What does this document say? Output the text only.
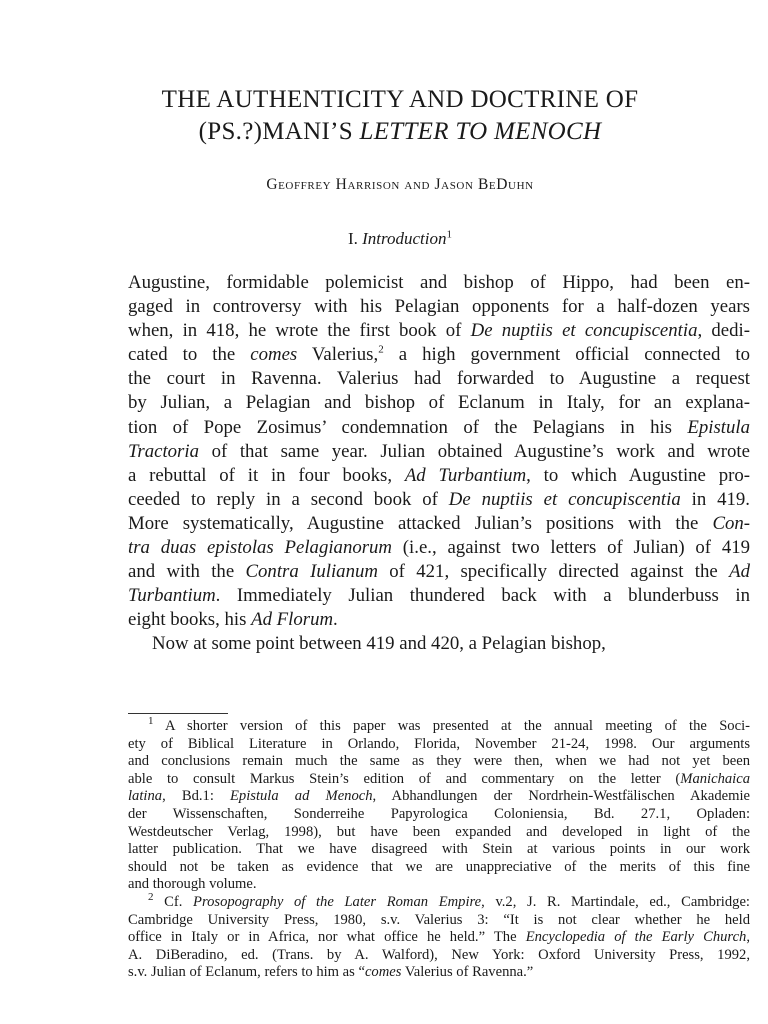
THE AUTHENTICITY AND DOCTRINE OF
(PS.?)MANI’S LETTER TO MENOCH
Geoffrey Harrison and Jason BeDuhn
I. Introduction$^1$
Augustine, formidable polemicist and bishop of Hippo, had been en-
gaged in controversy with his Pelagian opponents for a half-dozen years
when, in 418, he wrote the first book of De nuptiis et concupiscentia, dedi-
cated to the comes Valerius,$^2$ a high government official connected to
the court in Ravenna. Valerius had forwarded to Augustine a request
by Julian, a Pelagian and bishop of Eclanum in Italy, for an explana-
tion of Pope Zosimus’ condemnation of the Pelagians in his Epistula
Tractoria of that same year. Julian obtained Augustine’s work and wrote
a rebuttal of it in four books, Ad Turbantium, to which Augustine pro-
ceeded to reply in a second book of De nuptiis et concupiscentia in 419.
More systematically, Augustine attacked Julian’s positions with the Con-
tra duas epistolas Pelagianorum (i.e., against two letters of Julian) of 419
and with the Contra Iulianum of 421, specifically directed against the Ad
Turbantium. Immediately Julian thundered back with a blunderbuss in
eight books, his Ad Florum.
Now at some point between 419 and 420, a Pelagian bishop,
$^1$ A shorter version of this paper was presented at the annual meeting of the Soci-
ety of Biblical Literature in Orlando, Florida, November 21-24, 1998. Our arguments
and conclusions remain much the same as they were then, when we had not yet been
able to consult Markus Stein’s edition of and commentary on the letter (Manichaica
latina, Bd.1: Epistula ad Menoch, Abhandlungen der Nordrhein-Westfälischen Akademie
der Wissenschaften, Sonderreihe Papyrologica Coloniensia, Bd. 27.1, Opladen:
Westdeutscher Verlag, 1998), but have been expanded and developed in light of the
latter publication. That we have disagreed with Stein at various points in our work
should not be taken as evidence that we are unappreciative of the merits of this fine
and thorough volume.
$^2$ Cf. Prosopography of the Later Roman Empire, v.2, J. R. Martindale, ed., Cambridge:
Cambridge University Press, 1980, s.v. Valerius 3: “It is not clear whether he held
office in Italy or in Africa, nor what office he held.” The Encyclopedia of the Early Church,
A. DiBeradino, ed. (Trans. by A. Walford), New York: Oxford University Press, 1992,
s.v. Julian of Eclanum, refers to him as “comes Valerius of Ravenna.”
